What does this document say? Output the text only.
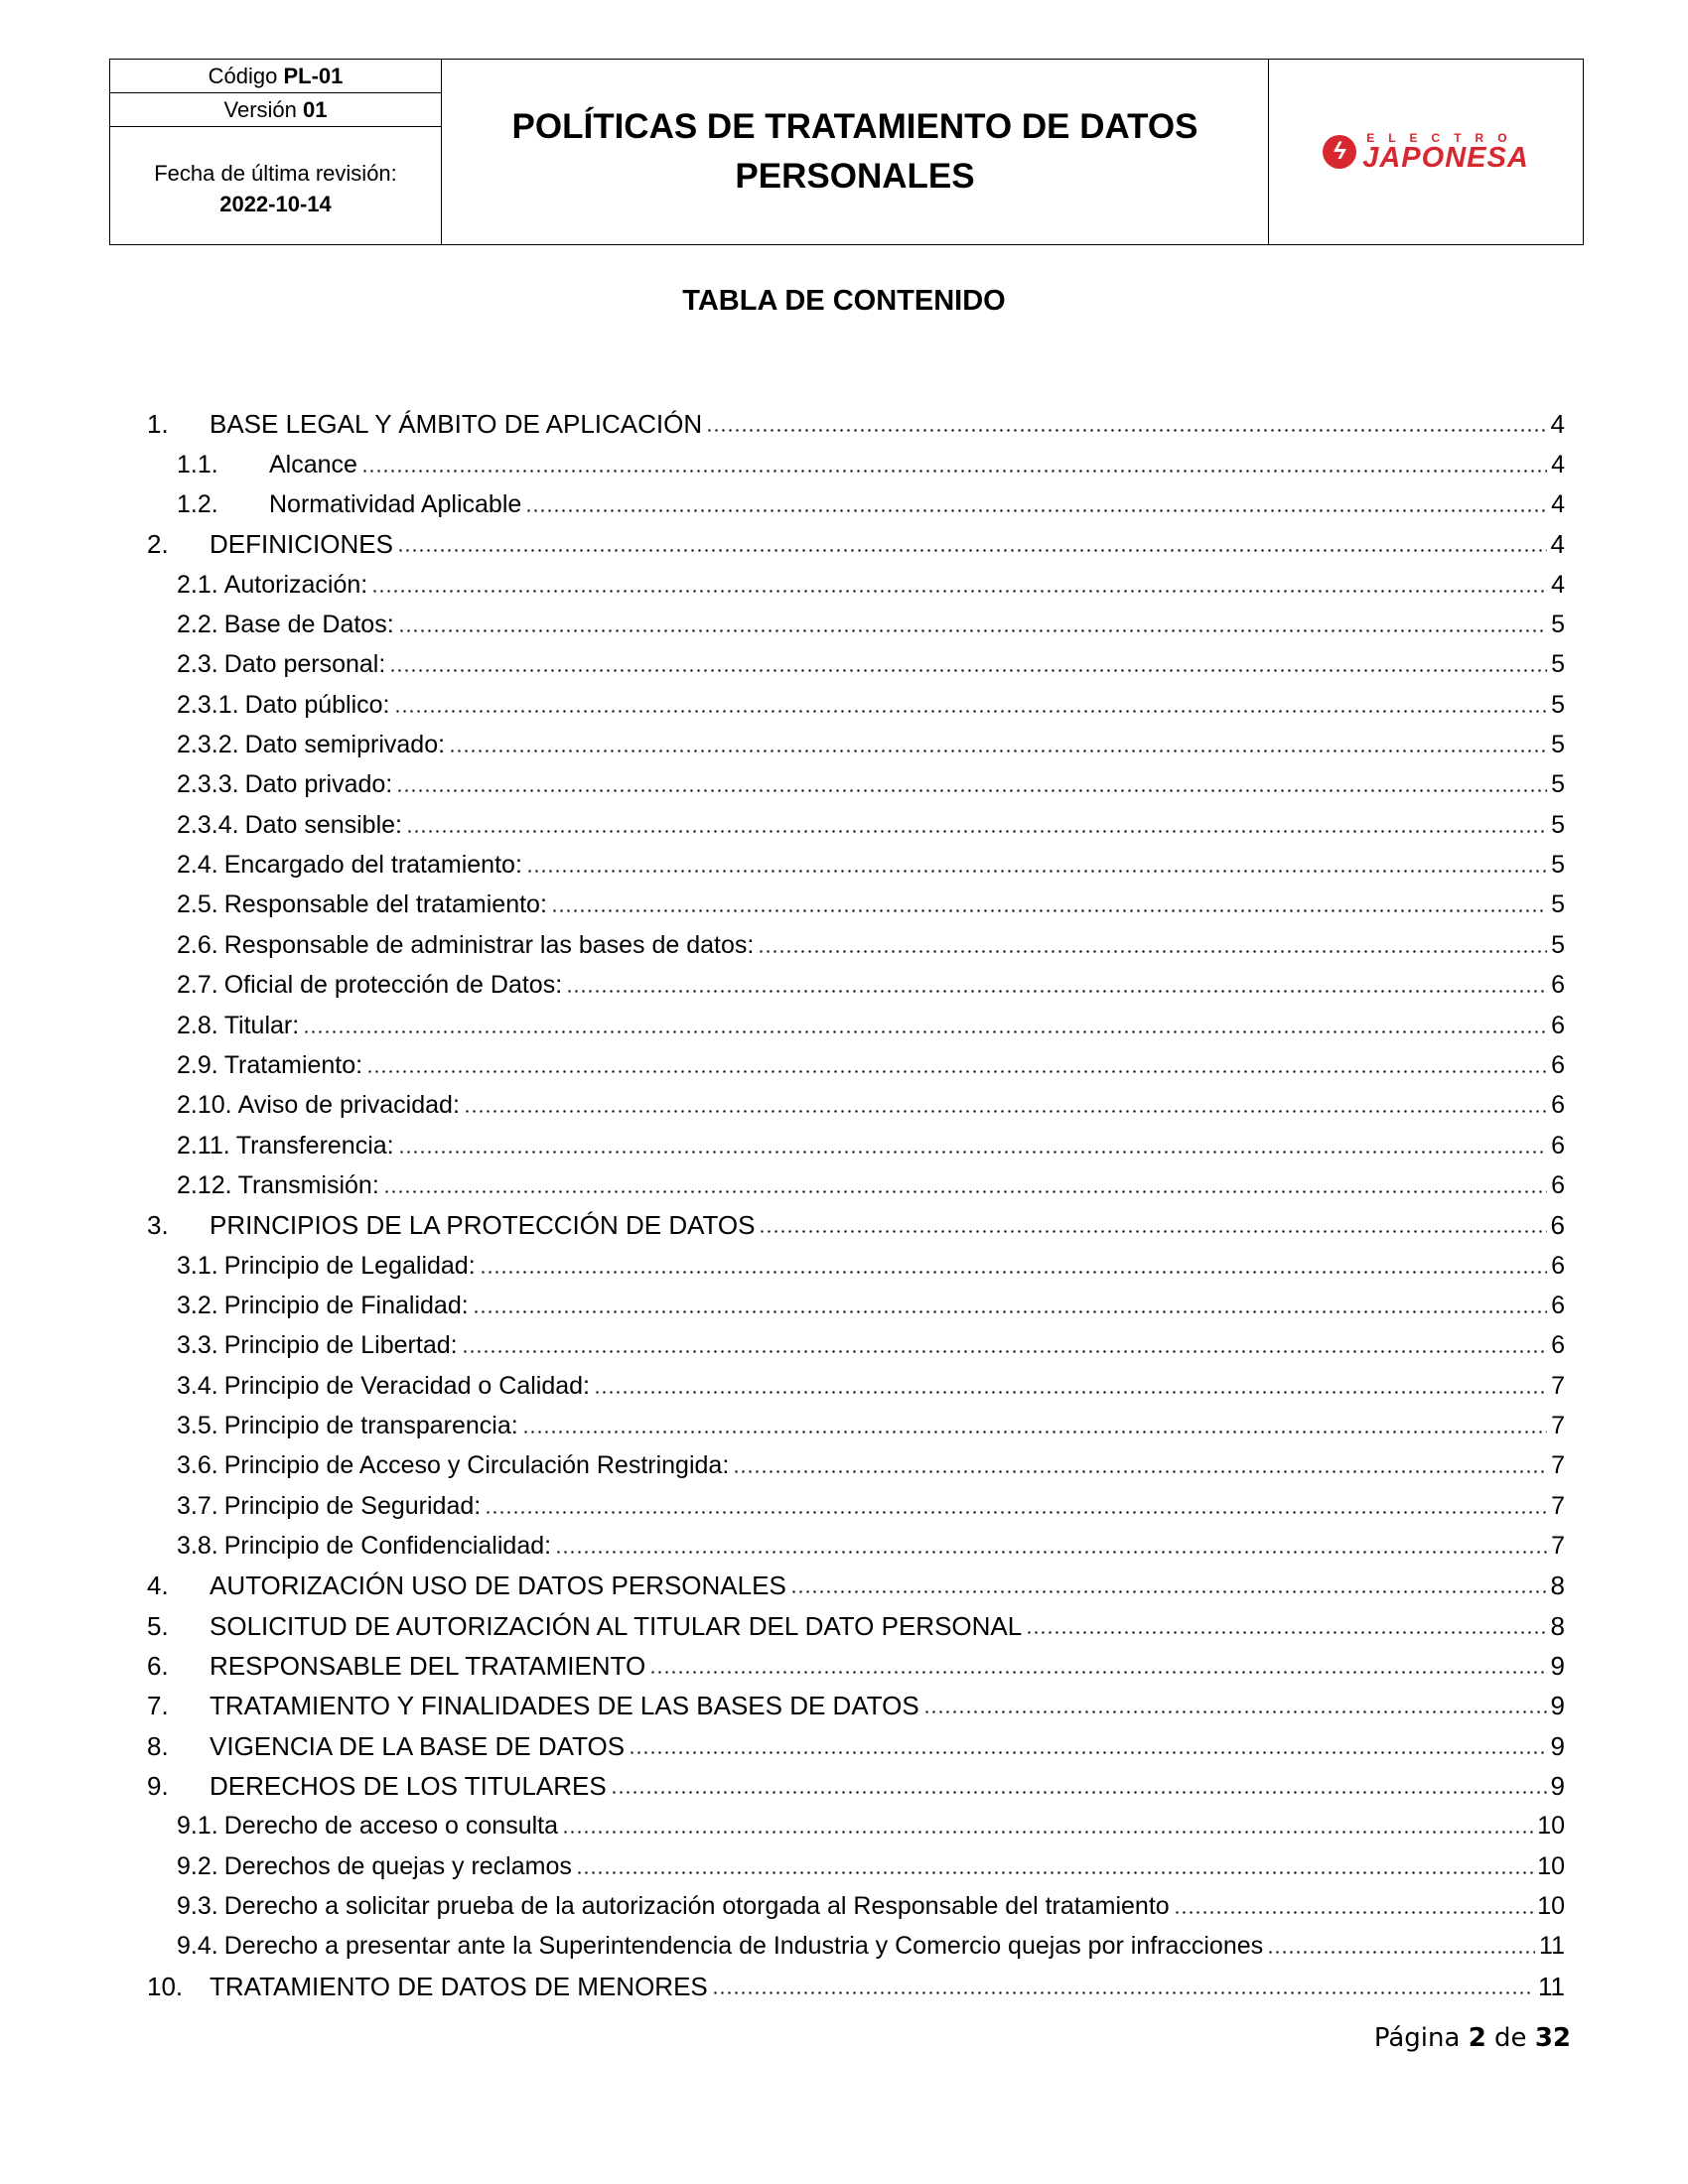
Código
PL-01
Versión
01
Fecha de última revisión:
2022-10-14
POLÍTICAS DE TRATAMIENTO DE DATOS PERSONALES
ϟ
ELECTRO
JAPONESA
TABLA DE CONTENIDO
1.	BASE LEGAL Y ÁMBITO DE APLICACIÓN	4
1.1.	Alcance	4
1.2.	Normatividad Aplicable	4
2.	DEFINICIONES	4
2.1. Autorización:	4
2.2. Base de Datos:	5
2.3. Dato personal:	5
2.3.1. Dato público:	5
2.3.2. Dato semiprivado:	5
2.3.3. Dato privado:	5
2.3.4. Dato sensible:	5
2.4. Encargado del tratamiento:	5
2.5. Responsable del tratamiento:	5
2.6. Responsable de administrar las bases de datos:	5
2.7. Oficial de protección de Datos:	6
2.8. Titular:	6
2.9. Tratamiento:	6
2.10. Aviso de privacidad:	6
2.11. Transferencia:	6
2.12. Transmisión:	6
3.	PRINCIPIOS DE LA PROTECCIÓN DE DATOS	6
3.1. Principio de Legalidad:	6
3.2. Principio de Finalidad:	6
3.3. Principio de Libertad:	6
3.4. Principio de Veracidad o Calidad:	7
3.5. Principio de transparencia:	7
3.6. Principio de Acceso y Circulación Restringida:	7
3.7. Principio de Seguridad:	7
3.8. Principio de Confidencialidad:	7
4.	AUTORIZACIÓN USO DE DATOS PERSONALES	8
5.	SOLICITUD DE AUTORIZACIÓN AL TITULAR DEL DATO PERSONAL	8
6.	RESPONSABLE DEL TRATAMIENTO	9
7.	TRATAMIENTO Y FINALIDADES DE LAS BASES DE DATOS	9
8.	VIGENCIA DE LA BASE DE DATOS	9
9.	DERECHOS DE LOS TITULARES	9
9.1. Derecho de acceso o consulta	10
9.2. Derechos de quejas y reclamos	10
9.3. Derecho a solicitar prueba de la autorización otorgada al Responsable del tratamiento	10
9.4. Derecho a presentar ante la Superintendencia de Industria y Comercio quejas por infracciones	11
10.	TRATAMIENTO DE DATOS DE MENORES	11
Página 2 de 32
